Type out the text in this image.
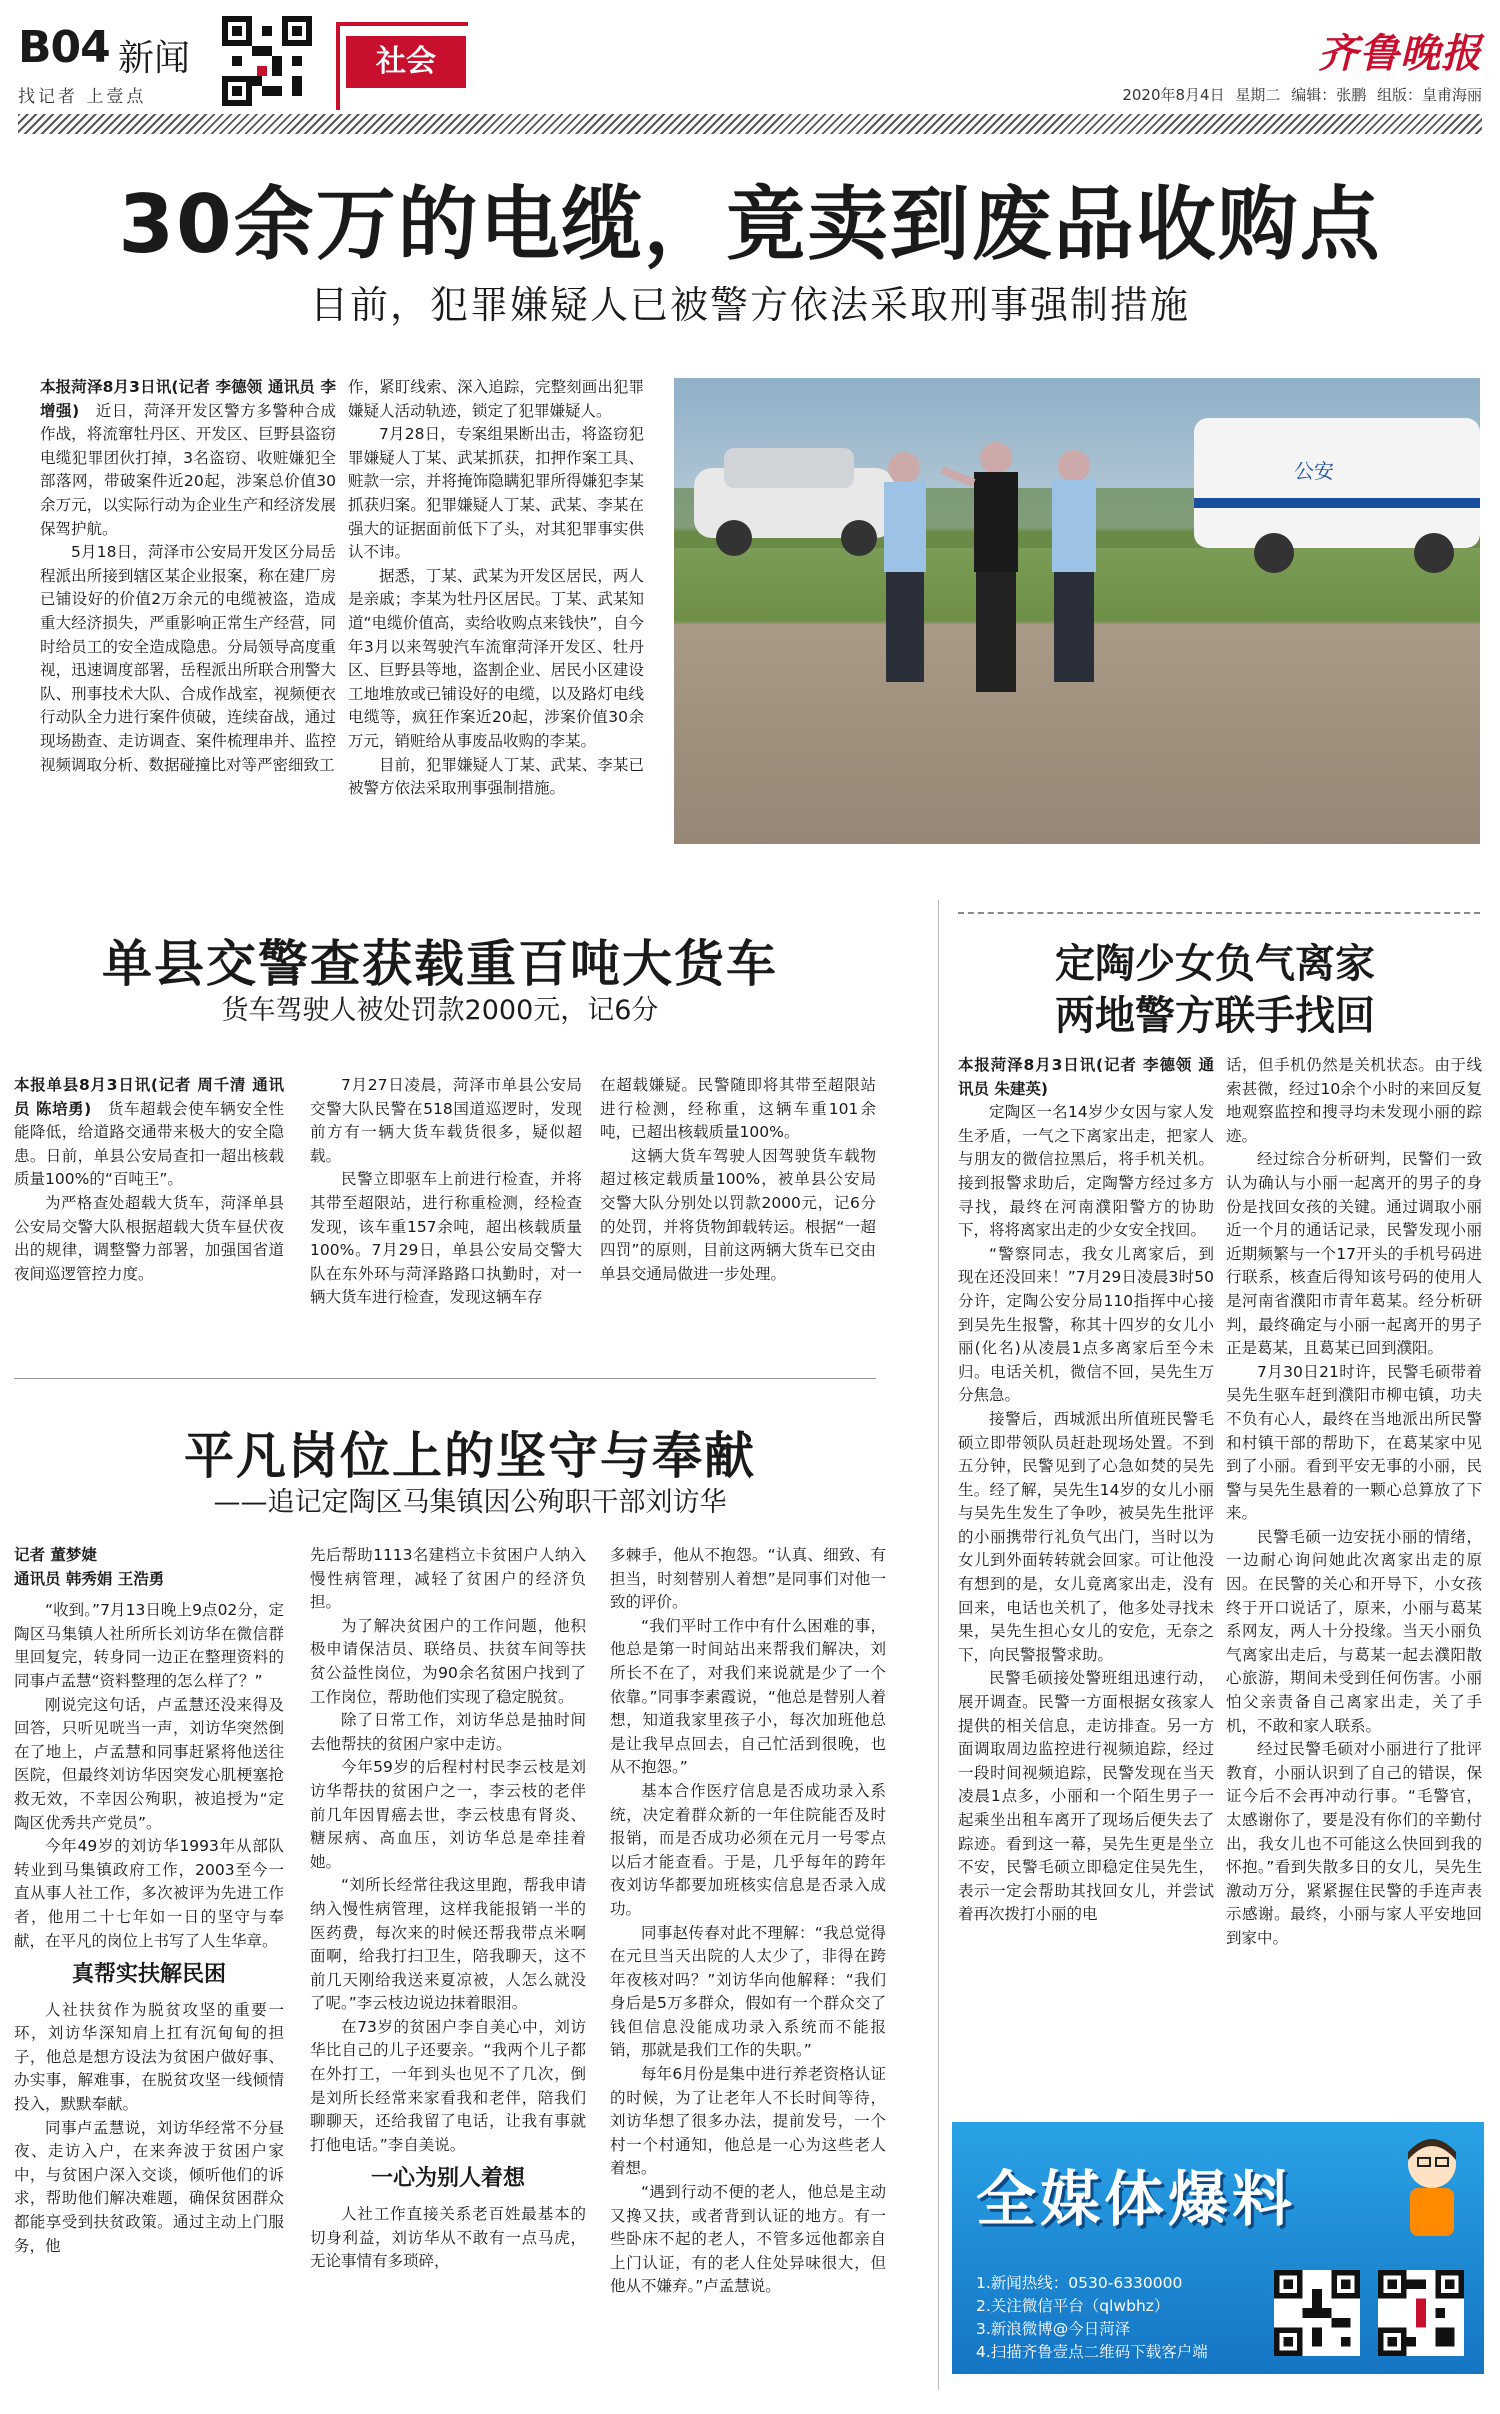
B04 新闻
找记者 上壹点
社会	齐鲁晚报
2020年8月4日 星期二 编辑：张鹏 组版：皇甫海丽
30余万的电缆，竟卖到废品收购点
目前，犯罪嫌疑人已被警方依法采取刑事强制措施

本报菏泽8月3日讯(记者 李德领 通讯员 李增强)　 近日，菏泽开发区警方多警种合成作战，将流窜牡丹区、开发区、巨野县盗窃电缆犯罪团伙打掉，3名盗窃、收赃嫌犯全部落网，带破案件近20起，涉案总价值30余万元，以实际行动为企业生产和经济发展保驾护航。

5月18日，菏泽市公安局开发区分局岳程派出所接到辖区某企业报案，称在建厂房已铺设好的价值2万余元的电缆被盗，造成重大经济损失，严重影响正常生产经营，同时给员工的安全造成隐患。分局领导高度重视，迅速调度部署，岳程派出所联合刑警大队、刑事技术大队、合成作战室，视频便衣行动队全力进行案件侦破，连续奋战，通过现场勘查、走访调查、案件梳理串并、监控视频调取分析、数据碰撞比对等严密细致工

作，紧盯线索、深入追踪，完整刻画出犯罪嫌疑人活动轨迹，锁定了犯罪嫌疑人。

7月28日，专案组果断出击，将盗窃犯罪嫌疑人丁某、武某抓获，扣押作案工具、赃款一宗，并将掩饰隐瞒犯罪所得嫌犯李某抓获归案。犯罪嫌疑人丁某、武某、李某在强大的证据面前低下了头，对其犯罪事实供认不讳。

据悉，丁某、武某为开发区居民，两人是亲戚；李某为牡丹区居民。丁某、武某知道“电缆价值高，卖给收购点来钱快”，自今年3月以来驾驶汽车流窜菏泽开发区、牡丹区、巨野县等地，盗割企业、居民小区建设工地堆放或已铺设好的电缆，以及路灯电线电缆等，疯狂作案近20起，涉案价值30余万元，销赃给从事废品收购的李某。

目前，犯罪嫌疑人丁某、武某、李某已被警方依法采取刑事强制措施。

公安
单县交警查获载重百吨大货车
货车驾驶人被处罚款2000元，记6分

本报单县8月3日讯(记者 周千清 通讯员 陈培勇)　 货车超载会使车辆安全性能降低，给道路交通带来极大的安全隐患。日前，单县公安局查扣一超出核载质量100%的“百吨王”。

为严格查处超载大货车，菏泽单县公安局交警大队根据超载大货车昼伏夜出的规律，调整警力部署，加强国省道夜间巡逻管控力度。

7月27日凌晨，菏泽市单县公安局交警大队民警在518国道巡逻时，发现前方有一辆大货车载货很多，疑似超载。

民警立即驱车上前进行检查，并将其带至超限站，进行称重检测，经检查发现，该车重157余吨，超出核载质量100%。7月29日，单县公安局交警大队在东外环与菏泽路路口执勤时，对一辆大货车进行检查，发现这辆车存

在超载嫌疑。民警随即将其带至超限站进行检测，经称重，这辆车重101余吨，已超出核载质量100%。

这辆大货车驾驶人因驾驶货车载物超过核定载质量100%，被单县公安局交警大队分别处以罚款2000元，记6分的处罚，并将货物卸载转运。根据“一超四罚”的原则，目前这两辆大货车已交由单县交通局做进一步处理。

定陶少女负气离家
两地警方联手找回

本报菏泽8月3日讯(记者 李德领 通讯员 朱建英)

定陶区一名14岁少女因与家人发生矛盾，一气之下离家出走，把家人与朋友的微信拉黑后，将手机关机。接到报警求助后，定陶警方经过多方寻找，最终在河南濮阳警方的协助下，将将离家出走的少女安全找回。

“警察同志，我女儿离家后，到现在还没回来！”7月29日凌晨3时50分许，定陶公安分局110指挥中心接到吴先生报警，称其十四岁的女儿小丽(化名)从凌晨1点多离家后至今未归。电话关机，微信不回，吴先生万分焦急。

接警后，西城派出所值班民警毛硕立即带领队员赶赴现场处置。不到五分钟，民警见到了心急如焚的吴先生。经了解，吴先生14岁的女儿小丽与吴先生发生了争吵，被吴先生批评的小丽携带行礼负气出门，当时以为女儿到外面转转就会回家。可让他没有想到的是，女儿竟离家出走，没有回来，电话也关机了，他多处寻找未果，吴先生担心女儿的安危，无奈之下，向民警报警求助。

民警毛硕接处警班组迅速行动，展开调查。民警一方面根据女孩家人提供的相关信息，走访排查。另一方面调取周边监控进行视频追踪，经过一段时间视频追踪，民警发现在当天凌晨1点多，小丽和一个陌生男子一起乘坐出租车离开了现场后便失去了踪迹。看到这一幕，吴先生更是坐立不安，民警毛硕立即稳定住吴先生，表示一定会帮助其找回女儿，并尝试着再次拨打小丽的电

话，但手机仍然是关机状态。由于线索甚微，经过10余个小时的来回反复地观察监控和搜寻均未发现小丽的踪迹。

经过综合分析研判，民警们一致认为确认与小丽一起离开的男子的身份是找回女孩的关键。通过调取小丽近一个月的通话记录，民警发现小丽近期频繁与一个17开头的手机号码进行联系，核查后得知该号码的使用人是河南省濮阳市青年葛某。经分析研判，最终确定与小丽一起离开的男子正是葛某，且葛某已回到濮阳。

7月30日21时许，民警毛硕带着吴先生驱车赶到濮阳市柳屯镇，功夫不负有心人，最终在当地派出所民警和村镇干部的帮助下，在葛某家中见到了小丽。看到平安无事的小丽，民警与吴先生悬着的一颗心总算放了下来。

民警毛硕一边安抚小丽的情绪，一边耐心询问她此次离家出走的原因。在民警的关心和开导下，小女孩终于开口说话了，原来，小丽与葛某系网友，两人十分投缘。当天小丽负气离家出走后，与葛某一起去濮阳散心旅游，期间未受到任何伤害。小丽怕父亲责备自己离家出走，关了手机，不敢和家人联系。

经过民警毛硕对小丽进行了批评教育，小丽认识到了自己的错误，保证今后不会再冲动行事。“毛警官，太感谢你了，要是没有你们的辛勤付出，我女儿也不可能这么快回到我的怀抱。”看到失散多日的女儿，吴先生激动万分，紧紧握住民警的手连声表示感谢。最终，小丽与家人平安地回到家中。

平凡岗位上的坚守与奉献
——追记定陶区马集镇因公殉职干部刘访华

记者 董梦婕

通讯员 韩秀娟 王浩勇

“收到。”7月13日晚上9点02分，定陶区马集镇人社所所长刘访华在微信群里回复完，转身同一边正在整理资料的同事卢孟慧“资料整理的怎么样了？”

刚说完这句话，卢孟慧还没来得及回答，只听见咣当一声，刘访华突然倒在了地上，卢孟慧和同事赶紧将他送往医院，但最终刘访华因突发心肌梗塞抢救无效，不幸因公殉职，被追授为“定陶区优秀共产党员”。

今年49岁的刘访华1993年从部队转业到马集镇政府工作，2003至今一直从事人社工作，多次被评为先进工作者，他用二十七年如一日的坚守与奉献，在平凡的岗位上书写了人生华章。

真帮实扶解民困

人社扶贫作为脱贫攻坚的重要一环，刘访华深知肩上扛有沉甸甸的担子，他总是想方设法为贫困户做好事、办实事，解难事，在脱贫攻坚一线倾情投入，默默奉献。

同事卢孟慧说，刘访华经常不分昼夜、走访入户，在来奔波于贫困户家中，与贫困户深入交谈，倾听他们的诉求，帮助他们解决难题，确保贫困群众都能享受到扶贫政策。通过主动上门服务，他

先后帮助1113名建档立卡贫困户人纳入慢性病管理，减轻了贫困户的经济负担。

为了解决贫困户的工作问题，他积极申请保洁员、联络员、扶贫车间等扶贫公益性岗位，为90余名贫困户找到了工作岗位，帮助他们实现了稳定脱贫。

除了日常工作，刘访华总是抽时间去他帮扶的贫困户家中走访。

今年59岁的后程村村民李云枝是刘访华帮扶的贫困户之一，李云枝的老伴前几年因胃癌去世，李云枝患有肾炎、糖尿病、高血压，刘访华总是牵挂着她。

“刘所长经常往我这里跑，帮我申请纳入慢性病管理，这样我能报销一半的医药费，每次来的时候还帮我带点米啊面啊，给我打扫卫生，陪我聊天，这不前几天刚给我送来夏凉被，人怎么就没了呢。”李云枝边说边抹着眼泪。

在73岁的贫困户李自美心中，刘访华比自己的儿子还要亲。“我两个儿子都在外打工，一年到头也见不了几次，倒是刘所长经常来家看我和老伴，陪我们聊聊天，还给我留了电话，让我有事就打他电话。”李自美说。

一心为别人着想

人社工作直接关系老百姓最基本的切身利益，刘访华从不敢有一点马虎，无论事情有多琐碎，

多棘手，他从不抱怨。“认真、细致、有担当，时刻替别人着想”是同事们对他一致的评价。

“我们平时工作中有什么困难的事，他总是第一时间站出来帮我们解决，刘所长不在了，对我们来说就是少了一个依靠。”同事李素霞说，“他总是替别人着想，知道我家里孩子小，每次加班他总是让我早点回去，自己忙活到很晚，也从不抱怨。”

基本合作医疗信息是否成功录入系统，决定着群众新的一年住院能否及时报销，而是否成功必须在元月一号零点以后才能查看。于是，几乎每年的跨年夜刘访华都要加班核实信息是否录入成功。

同事赵传春对此不理解：“我总觉得在元旦当天出院的人太少了，非得在跨年夜核对吗？”刘访华向他解释：“我们身后是5万多群众，假如有一个群众交了钱但信息没能成功录入系统而不能报销，那就是我们工作的失职。”

每年6月份是集中进行养老资格认证的时候，为了让老年人不长时间等待，刘访华想了很多办法，提前发号，一个村一个村通知，他总是一心为这些老人着想。

“遇到行动不便的老人，他总是主动又搀又扶，或者背到认证的地方。有一些卧床不起的老人，不管多远他都亲自上门认证，有的老人住处异味很大，但他从不嫌弃。”卢孟慧说。

全媒体爆料
1.新闻热线：0530-6330000
2.关注微信平台（qlwbhz）
3.新浪微博@今日菏泽
4.扫描齐鲁壹点二维码下载客户端
